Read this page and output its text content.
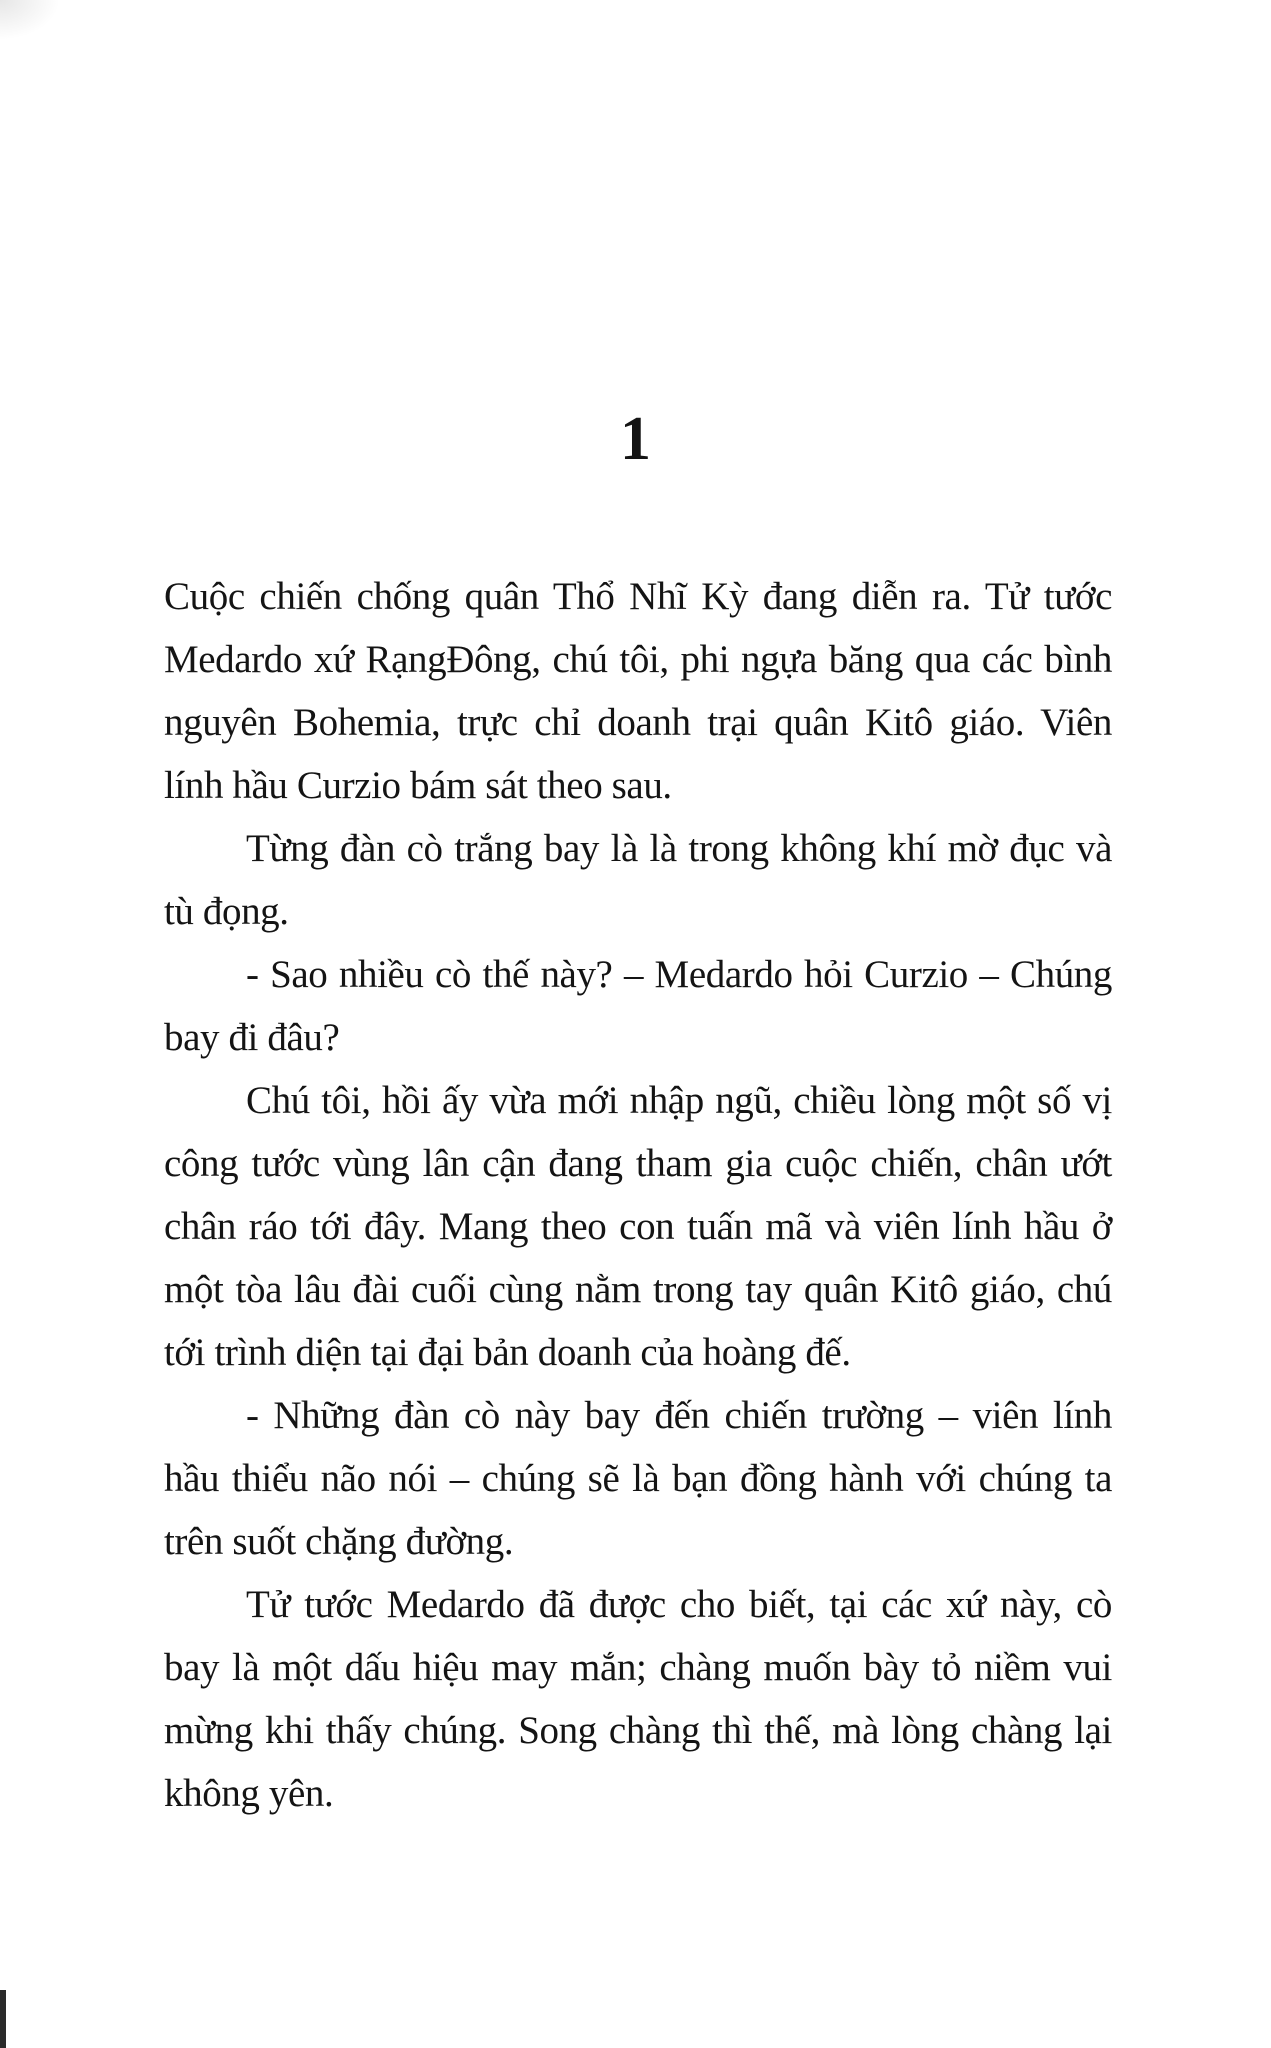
1

Cuộc chiến chống quân Thổ Nhĩ Kỳ đang diễn ra. Tử tước Medardo xứ RạngĐông, chú tôi, phi ngựa băng qua các bình nguyên Bohemia, trực chỉ doanh trại quân Kitô giáo. Viên lính hầu Curzio bám sát theo sau.

Từng đàn cò trắng bay là là trong không khí mờ đục và tù đọng.

- Sao nhiều cò thế này? – Medardo hỏi Curzio – Chúng bay đi đâu?

Chú tôi, hồi ấy vừa mới nhập ngũ, chiều lòng một số vị công tước vùng lân cận đang tham gia cuộc chiến, chân ướt chân ráo tới đây. Mang theo con tuấn mã và viên lính hầu ở một tòa lâu đài cuối cùng nằm trong tay quân Kitô giáo, chú tới trình diện tại đại bản doanh của hoàng đế.

- Những đàn cò này bay đến chiến trường – viên lính hầu thiểu não nói – chúng sẽ là bạn đồng hành với chúng ta trên suốt chặng đường.

Tử tước Medardo đã được cho biết, tại các xứ này, cò bay là một dấu hiệu may mắn; chàng muốn bày tỏ niềm vui mừng khi thấy chúng. Song chàng thì thế, mà lòng chàng lại không yên.
